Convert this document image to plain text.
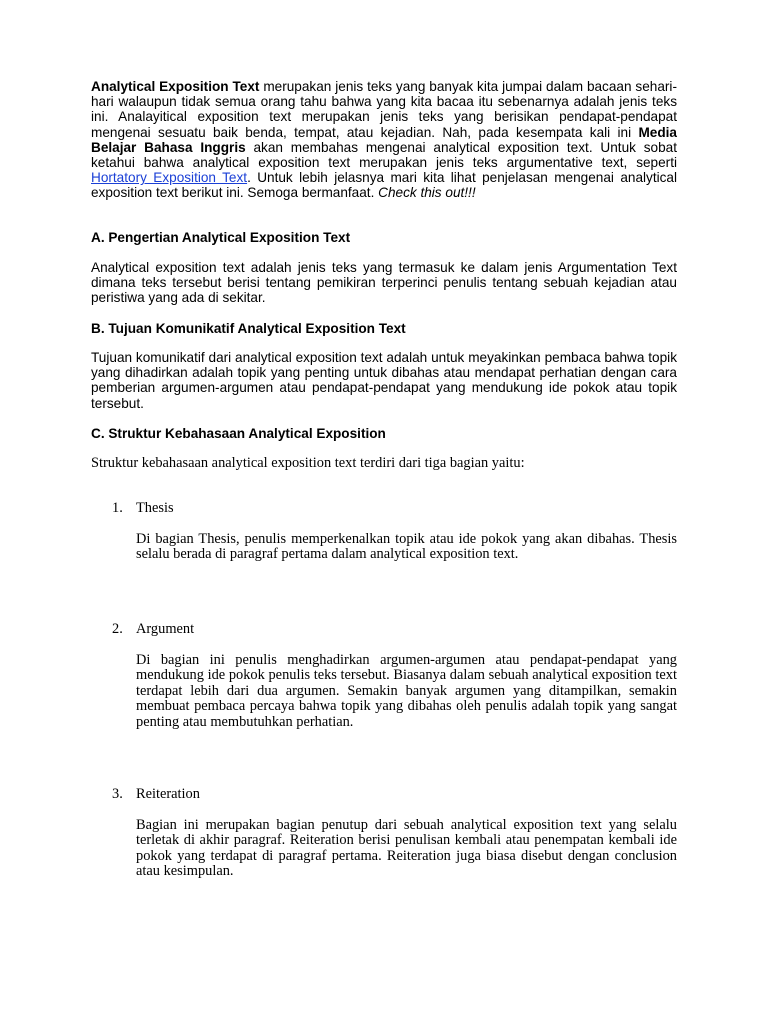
Analytical Exposition Text merupakan jenis teks yang banyak kita jumpai dalam bacaan sehari-hari walaupun tidak semua orang tahu bahwa yang kita bacaa itu sebenarnya adalah jenis teks ini. Analayitical exposition text merupakan jenis teks yang berisikan pendapat-pendapat mengenai sesuatu baik benda, tempat, atau kejadian. Nah, pada kesempata kali ini Media Belajar Bahasa Inggris akan membahas mengenai analytical exposition text. Untuk sobat ketahui bahwa analytical exposition text merupakan jenis teks argumentative text, seperti Hortatory Exposition Text. Untuk lebih jelasnya mari kita lihat penjelasan mengenai analytical exposition text berikut ini. Semoga bermanfaat. Check this out!!!

A. Pengertian Analytical Exposition Text

Analytical exposition text adalah jenis teks yang termasuk ke dalam jenis Argumentation Text dimana teks tersebut berisi tentang pemikiran terperinci penulis tentang sebuah kejadian atau peristiwa yang ada di sekitar.

B. Tujuan Komunikatif Analytical Exposition Text

Tujuan komunikatif dari analytical exposition text adalah untuk meyakinkan pembaca bahwa topik yang dihadirkan adalah topik yang penting untuk dibahas atau mendapat perhatian dengan cara pemberian argumen-argumen atau pendapat-pendapat yang mendukung ide pokok atau topik tersebut.

C. Struktur Kebahasaan Analytical Exposition
Struktur kebahasaan analytical exposition text terdiri dari tiga bagian yaitu:
1. Thesis

Di bagian Thesis, penulis memperkenalkan topik atau ide pokok yang akan dibahas. Thesis selalu berada di paragraf pertama dalam analytical exposition text.

2. Argument

Di bagian ini penulis menghadirkan argumen-argumen atau pendapat-pendapat yang mendukung ide pokok penulis teks tersebut. Biasanya dalam sebuah analytical exposition text terdapat lebih dari dua argumen. Semakin banyak argumen yang ditampilkan, semakin membuat pembaca percaya bahwa topik yang dibahas oleh penulis adalah topik yang sangat penting atau membutuhkan perhatian.

3. Reiteration

Bagian ini merupakan bagian penutup dari sebuah analytical exposition text yang selalu terletak di akhir paragraf. Reiteration berisi penulisan kembali atau penempatan kembali ide pokok yang terdapat di paragraf pertama. Reiteration juga biasa disebut dengan conclusion atau kesimpulan.
